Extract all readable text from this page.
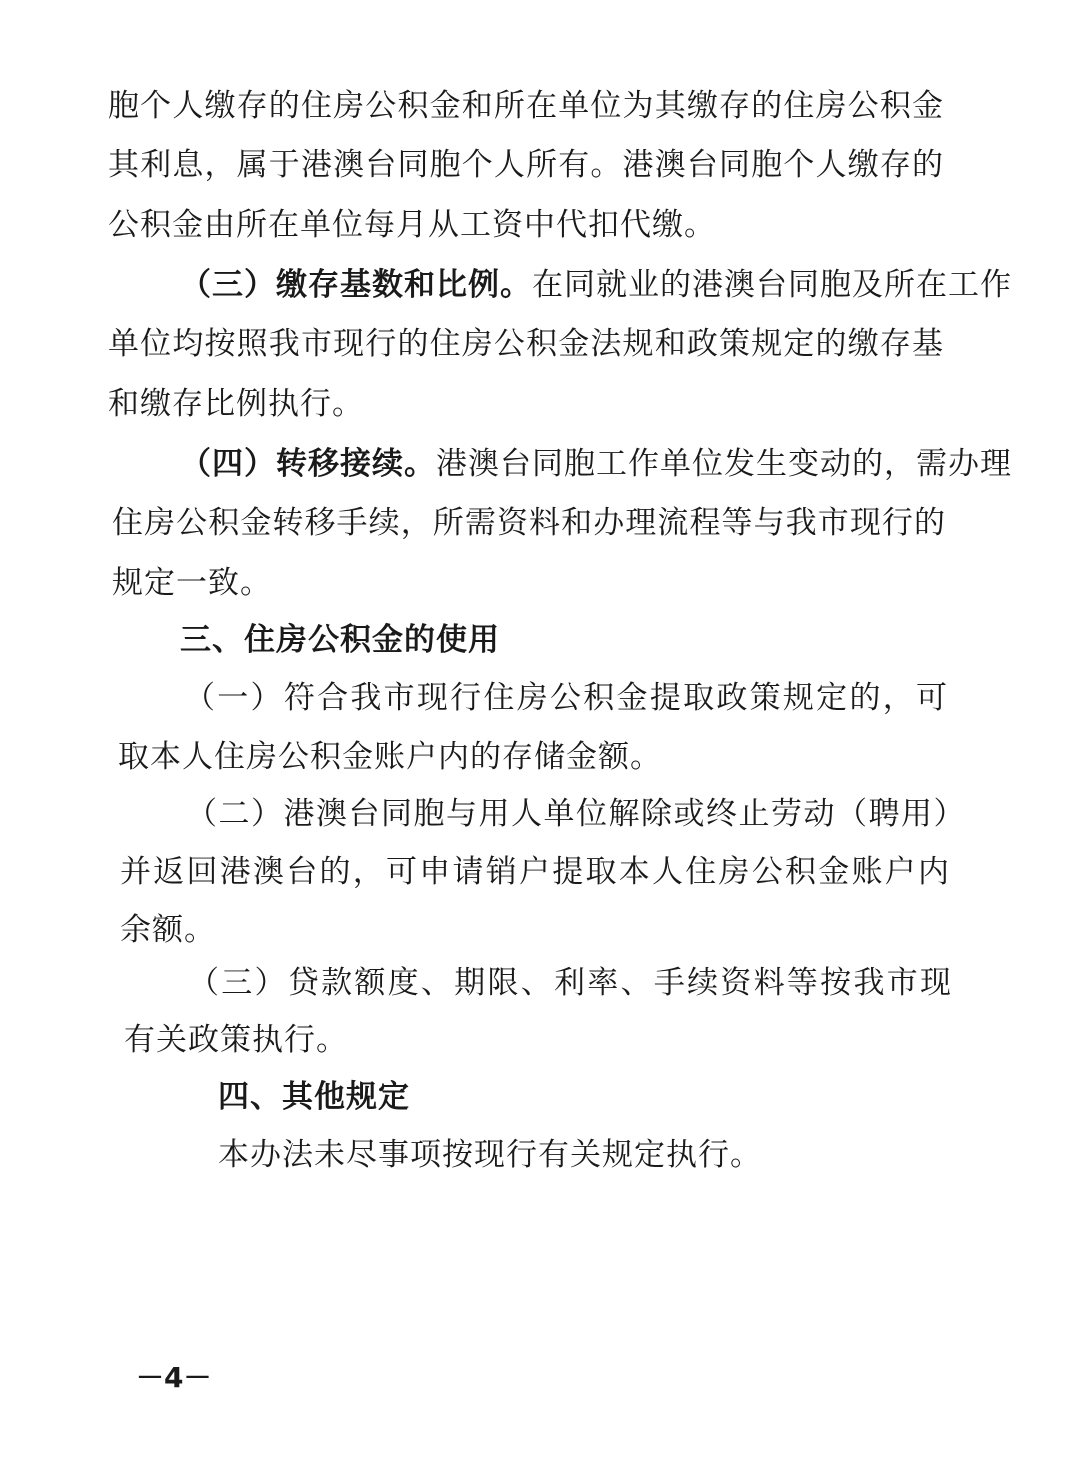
胞个人缴存的住房公积金和所在单位为其缴存的住房公积金
其利息，属于港澳台同胞个人所有。港澳台同胞个人缴存的
公积金由所在单位每月从工资中代扣代缴。
（三）缴存基数和比例。在同就业的港澳台同胞及所在工作
单位均按照我市现行的住房公积金法规和政策规定的缴存基
和缴存比例执行。
（四）转移接续。港澳台同胞工作单位发生变动的，需办理
住房公积金转移手续，所需资料和办理流程等与我市现行的
规定一致。
三、住房公积金的使用
（一）符合我市现行住房公积金提取政策规定的，可
取本人住房公积金账户内的存储金额。
（二）港澳台同胞与用人单位解除或终止劳动（聘用）
并返回港澳台的，可申请销户提取本人住房公积金账户内
余额。
（三）贷款额度、期限、利率、手续资料等按我市现
有关政策执行。
四、其他规定
本办法未尽事项按现行有关规定执行。
－4－
